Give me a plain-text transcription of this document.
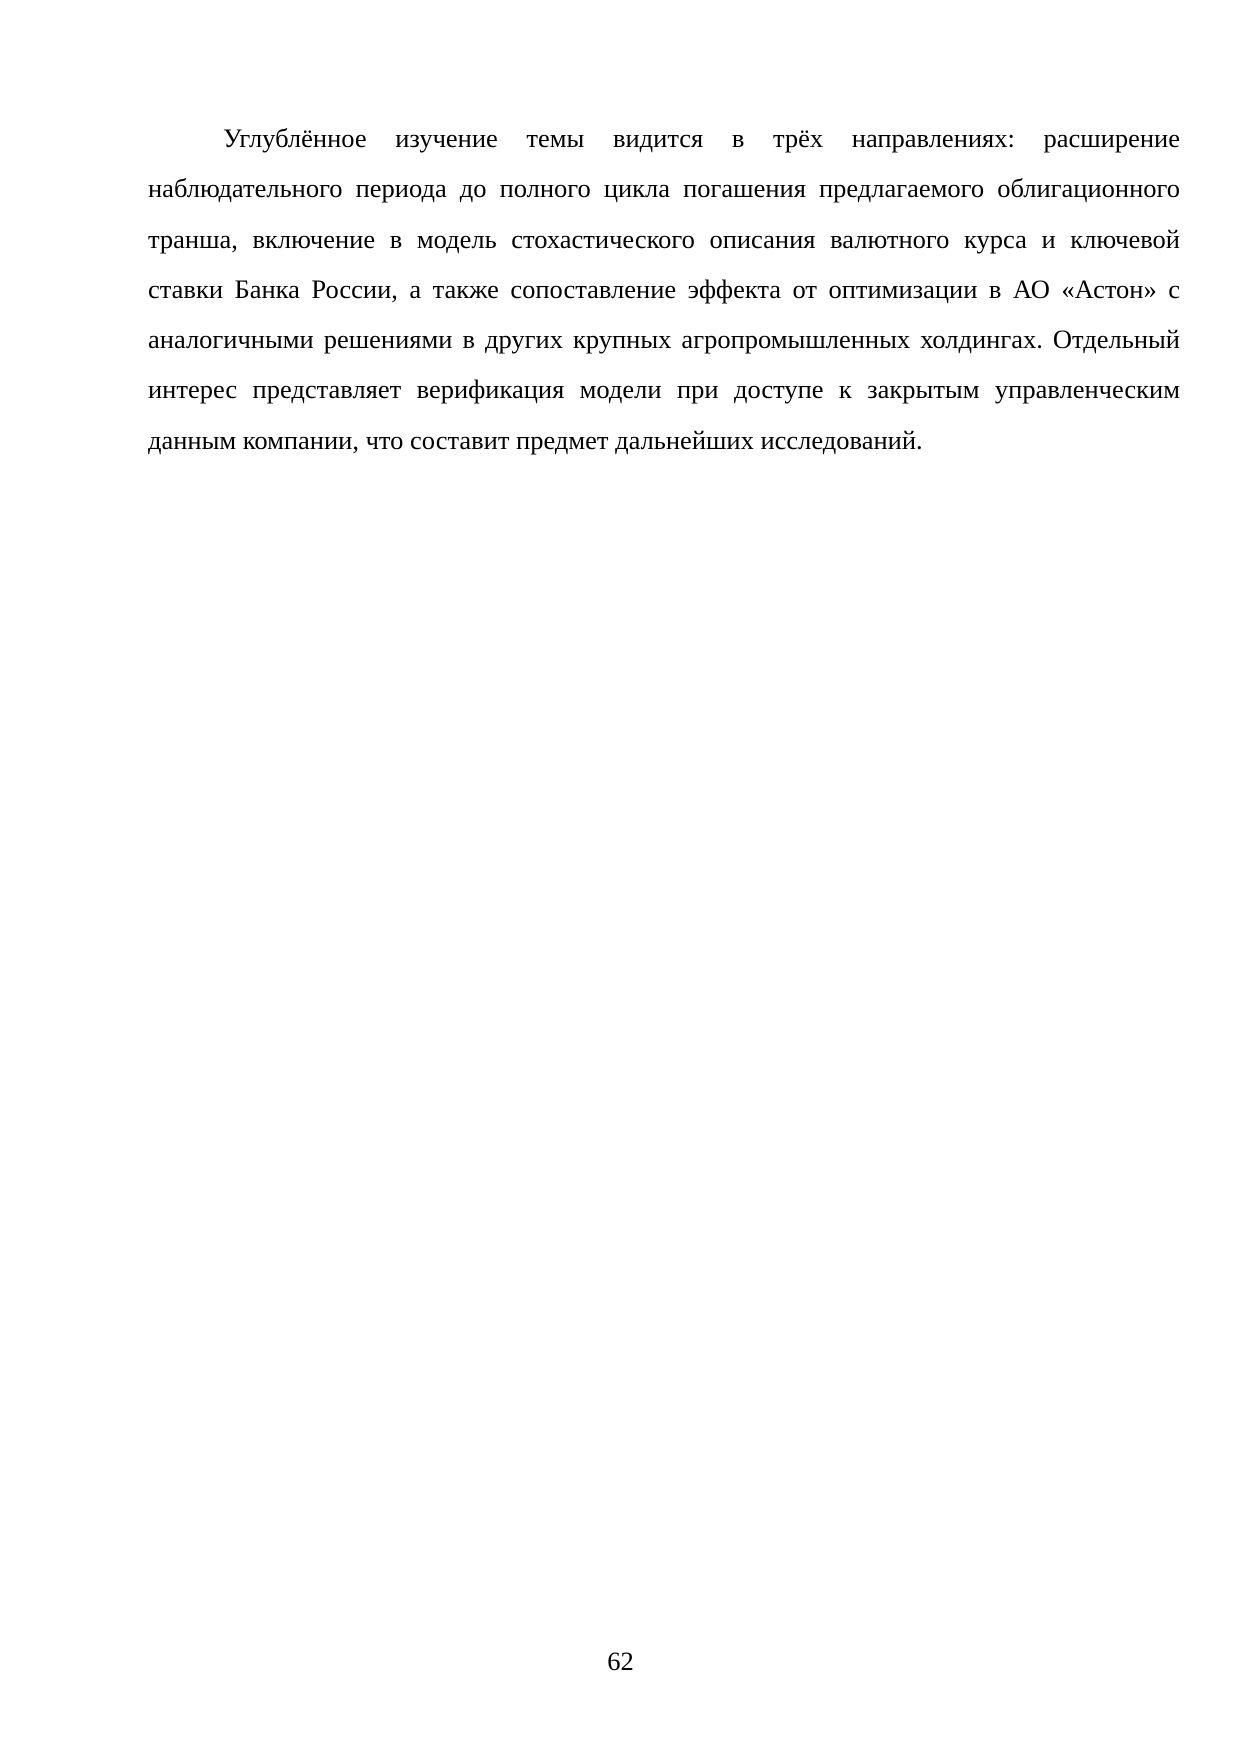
Углублённое изучение темы видится в трёх направлениях: расширение наблюдательного периода до полного цикла погашения предлагаемого облигационного транша, включение в модель стохастического описания валютного курса и ключевой ставки Банка России, а также сопоставление эффекта от оптимизации в АО «Астон» с аналогичными решениями в других крупных агропромышленных холдингах. Отдельный интерес представляет верификация модели при доступе к закрытым управленческим данным компании, что составит предмет дальнейших исследований.

62
